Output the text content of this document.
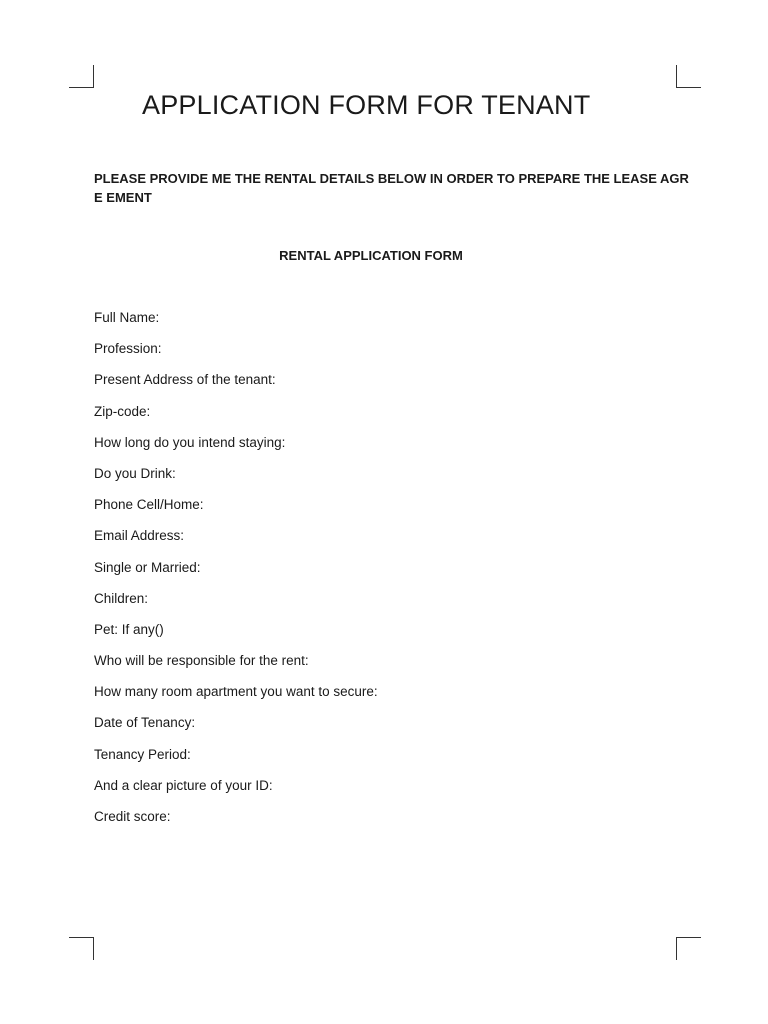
APPLICATION FORM FOR TENANT

PLEASE PROVIDE ME THE RENTAL DETAILS BELOW IN ORDER TO PREPARE THE LEASE AGRE EMENT

RENTAL APPLICATION FORM
Full Name:
Profession:
Present Address of the tenant:
Zip-code:
How long do you intend staying:
Do you Drink:
Phone Cell/Home:
Email Address:
Single or Married:
Children:
Pet: If any()
Who will be responsible for the rent:
How many room apartment you want to secure:
Date of Tenancy:
Tenancy Period:
And a clear picture of your ID:
Credit score:
